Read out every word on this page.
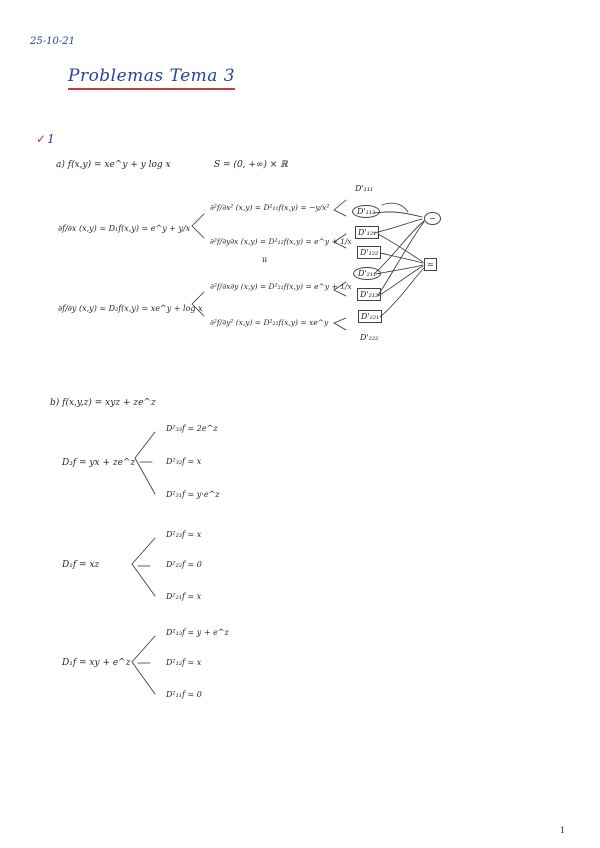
25-10-21
Problemas Tema 3
✓1
a) f(x,y) = xe^y + y log x	S = (0, +∞) × ℝ
∂f/∂x (x,y) = D₁f(x,y) = e^y + y/x
∂f/∂y (x,y) = D₂f(x,y) = xe^y + log x
∂²f/∂x² (x,y) = D²₁₁f(x,y) = −y/x²
∂²f/∂y∂x (x,y) = D²₁₂f(x,y) = e^y + 1/x
ıı
∂²f/∂x∂y (x,y) = D²₂₁f(x,y) = e^y + 1/x
∂²f/∂y² (x,y) = D²₂₂f(x,y) = xe^y
D'₁₁₁
D'₁₁₂
D'₁₂₁
D'₁₂₂
D'₂₁₁
D'₂₁₂
D'₂₂₁
D'₂₂₂
−
=
b) f(x,y,z) = xyz + ze^z
D₃f = yx + ze^z
D²₃₃f = 2e^z
D²₃₂f = x
D²₃₁f = y·e^z
D₂f = xz
D²₂₃f = x
D²₂₂f = 0
D²₂₁f = x
D₁f = xy + e^z
D²₁₃f = y + e^z
D²₁₂f = x
D²₁₁f = 0
1
